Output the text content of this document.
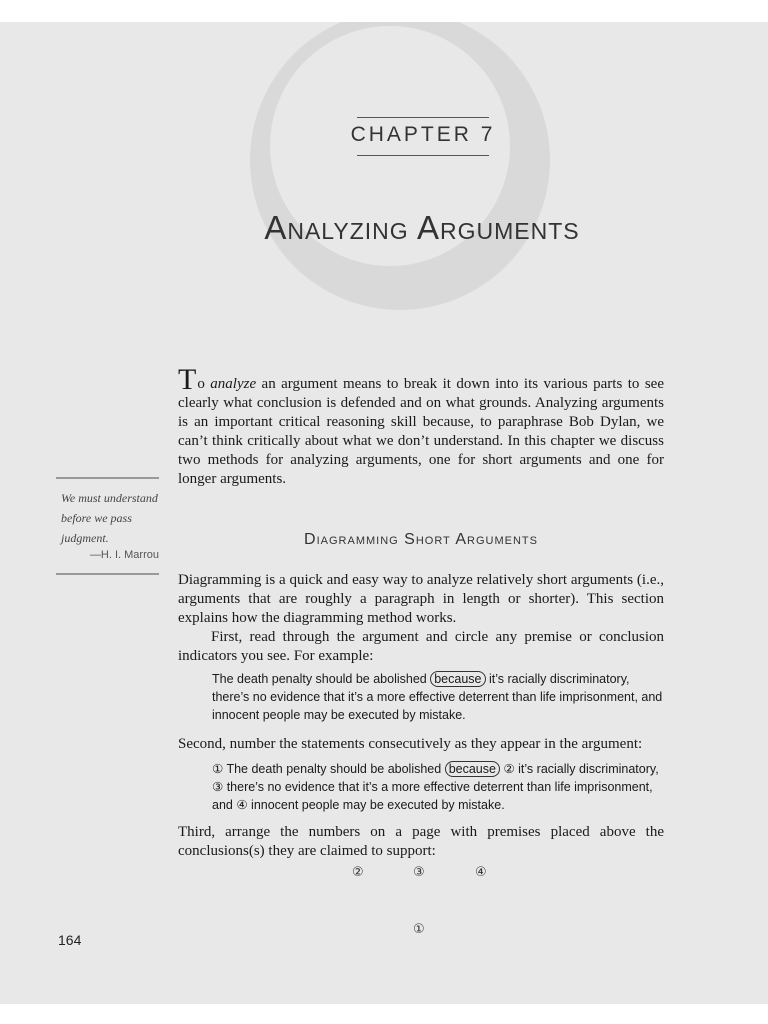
CHAPTER 7
Analyzing Arguments
To analyze an argument means to break it down into its various parts to see clearly what conclusion is defended and on what grounds. Analyzing arguments is an important critical reasoning skill because, to paraphrase Bob Dylan, we can’t think critically about what we don’t understand. In this chapter we discuss two methods for analyzing arguments, one for short arguments and one for longer arguments.
We must understand before we pass judgment.
—H. I. Marrou
Diagramming Short Arguments
Diagramming is a quick and easy way to analyze relatively short arguments (i.e., arguments that are roughly a paragraph in length or shorter). This section explains how the diagramming method works.
First, read through the argument and circle any premise or conclusion indicators you see. For example:
The death penalty should be abolished because it’s racially discriminatory, there’s no evidence that it’s a more effective deterrent than life imprisonment, and innocent people may be executed by mistake.
Second, number the statements consecutively as they appear in the argument:
① The death penalty should be abolished because ② it’s racially discriminatory, ③ there’s no evidence that it’s a more effective deterrent than life imprisonment, and ④ innocent people may be executed by mistake.
Third, arrange the numbers on a page with premises placed above the conclusions(s) they are claimed to support:
②	③	④
①
164
